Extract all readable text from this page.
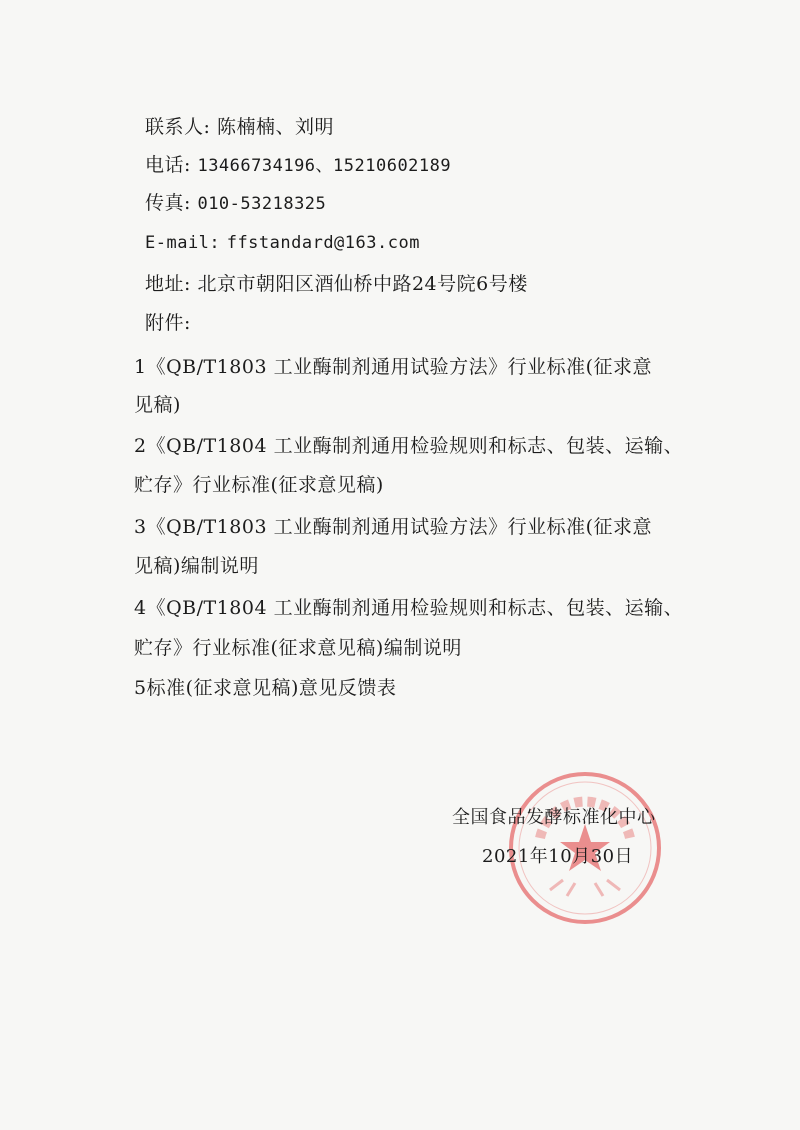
联系人: 陈楠楠、刘明
电话: 13466734196、15210602189
传真: 010-53218325
E-mail: ffstandard@163.com
地址: 北京市朝阳区酒仙桥中路24号院6号楼
附件:
1《QB/T1803 工业酶制剂通用试验方法》行业标准(征求意
见稿)
2《QB/T1804 工业酶制剂通用检验规则和标志、包装、运输、
贮存》行业标准(征求意见稿)
3《QB/T1803 工业酶制剂通用试验方法》行业标准(征求意
见稿)编制说明
4《QB/T1804 工业酶制剂通用检验规则和标志、包装、运输、
贮存》行业标准(征求意见稿)编制说明
5标准(征求意见稿)意见反馈表
全国食品发酵标准化中心
2021年10月30日
